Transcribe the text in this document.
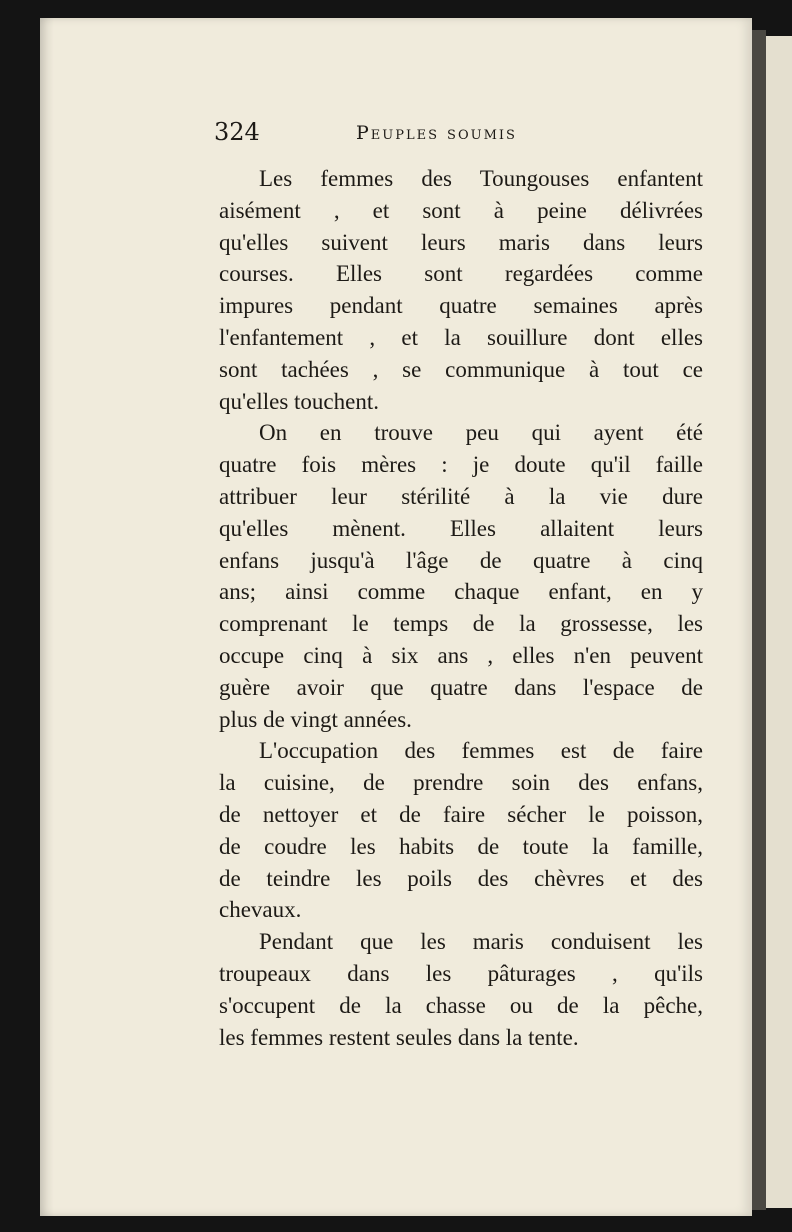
324	Peuples soumis

Les femmes des Toungouses enfantent
aisément , et sont à peine délivrées
qu'elles suivent leurs maris dans leurs
courses. Elles sont regardées comme
impures pendant quatre semaines après
l'enfantement , et la souillure dont elles
sont tachées , se communique à tout ce
qu'elles touchent.

On en trouve peu qui ayent été
quatre fois mères : je doute qu'il faille
attribuer leur stérilité à la vie dure
qu'elles mènent. Elles allaitent leurs
enfans jusqu'à l'âge de quatre à cinq
ans; ainsi comme chaque enfant, en y
comprenant le temps de la grossesse, les
occupe cinq à six ans , elles n'en peuvent
guère avoir que quatre dans l'espace de
plus de vingt années.

L'occupation des femmes est de faire
la cuisine, de prendre soin des enfans,
de nettoyer et de faire sécher le poisson,
de coudre les habits de toute la famille,
de teindre les poils des chèvres et des
chevaux.

Pendant que les maris conduisent les
troupeaux dans les pâturages , qu'ils
s'occupent de la chasse ou de la pêche,
les femmes restent seules dans la tente.
